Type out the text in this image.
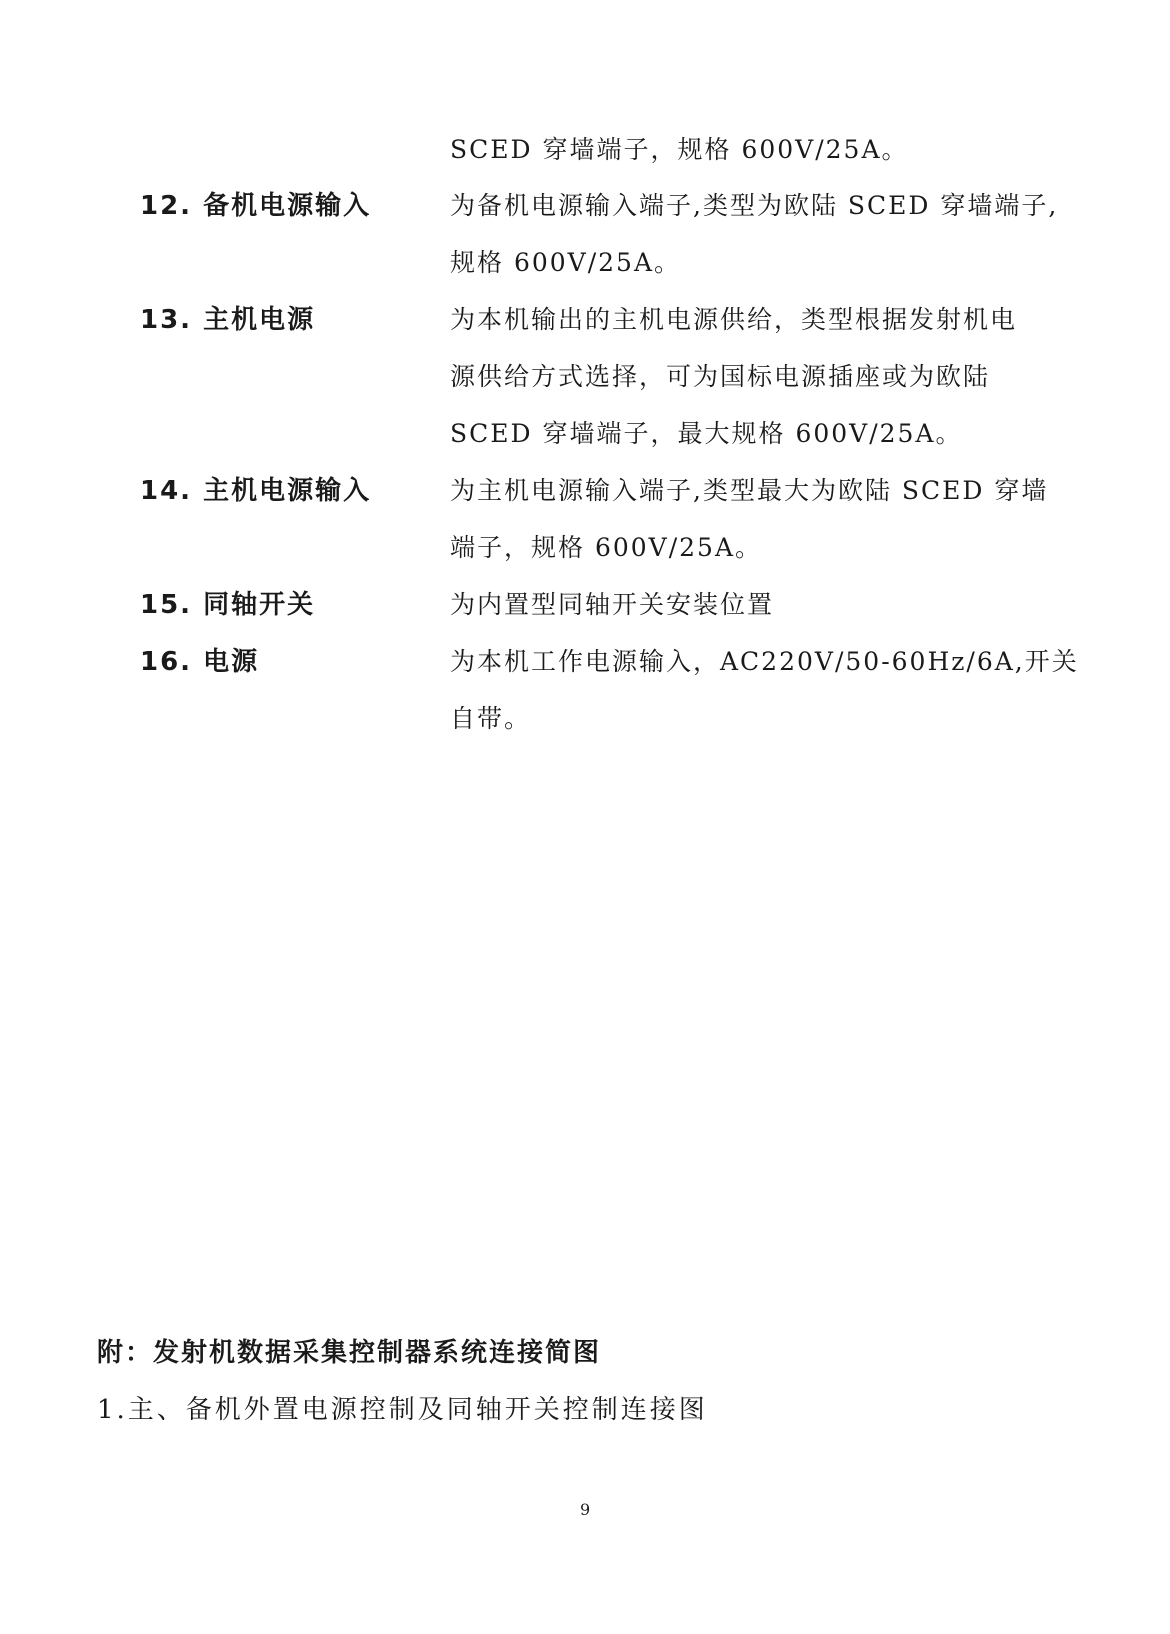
SCED 穿墙端子，规格 600V/25A。
12. 备机电源输入	为备机电源输入端子,类型为欧陆 SCED 穿墙端子,
规格 600V/25A。
13. 主机电源	为本机输出的主机电源供给，类型根据发射机电
源供给方式选择，可为国标电源插座或为欧陆
SCED 穿墙端子，最大规格 600V/25A。
14. 主机电源输入	为主机电源输入端子,类型最大为欧陆 SCED 穿墙
端子，规格 600V/25A。
15. 同轴开关	为内置型同轴开关安装位置
16. 电源	为本机工作电源输入，AC220V/50-60Hz/6A,开关
自带。
附：发射机数据采集控制器系统连接简图
1.主、备机外置电源控制及同轴开关控制连接图
9
